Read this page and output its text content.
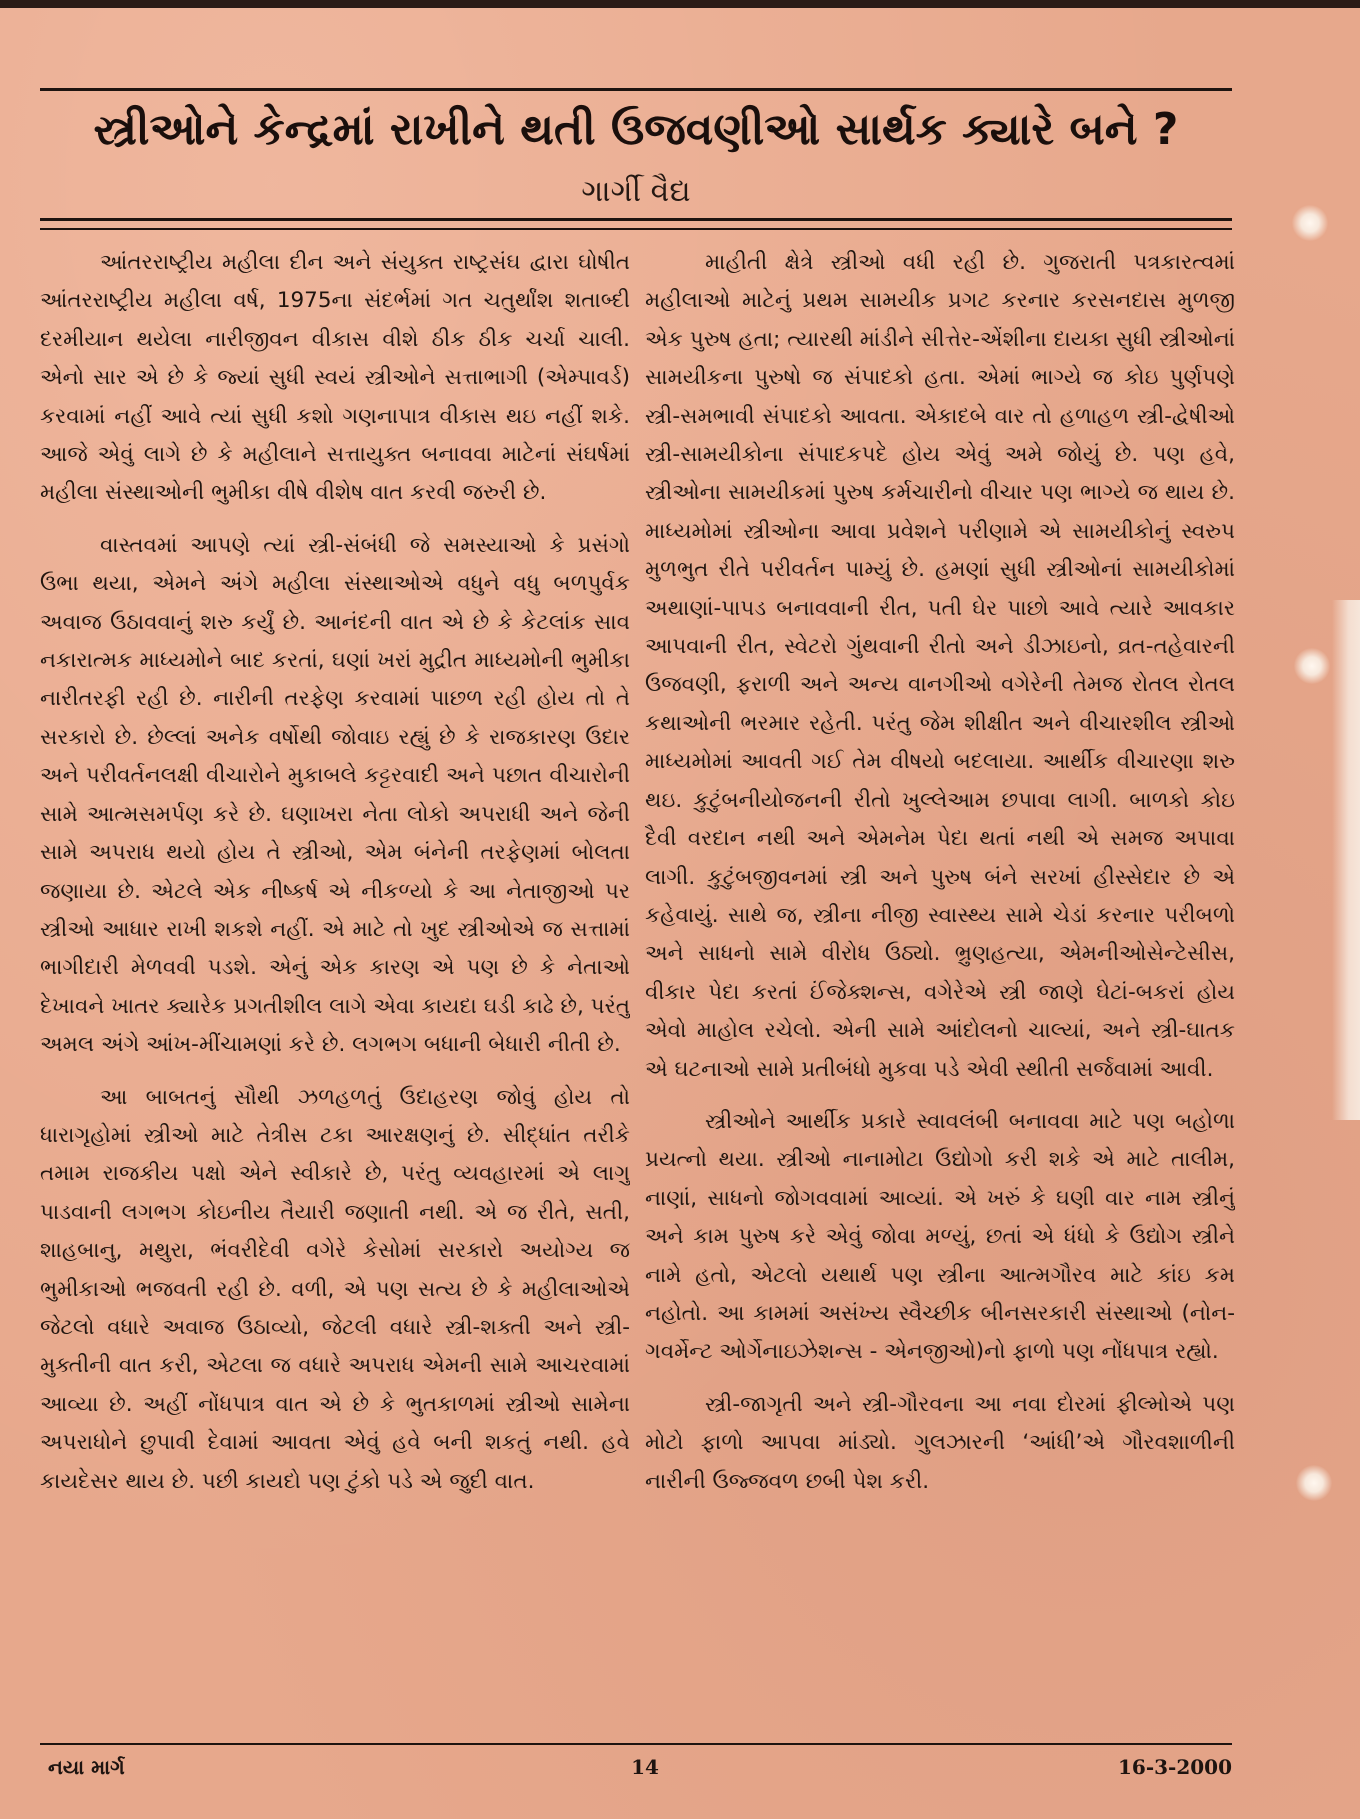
સ્ત્રીઓને કેન્દ્રમાં રાખીને થતી ઉજવણીઓ સાર્થક ક્યારે બને ?
ગાર્ગી વૈદ્ય

આંતરરાષ્ટ્રીય મહીલા દીન અને સંયુક્ત રાષ્ટ્રસંઘ દ્વારા ઘોષીત આંતરરાષ્ટ્રીય મહીલા વર્ષ, 1975ના સંદર્ભમાં ગત ચતુર્થાંશ શતાબ્દી દરમીયાન થયેલા નારીજીવન વીકાસ વીશે ઠીક ઠીક ચર્ચા ચાલી. એનો સાર એ છે કે જ્યાં સુધી સ્વયં સ્ત્રીઓને સત્તાભાગી (એમ્પાવર્ડ) કરવામાં નહીં આવે ત્યાં સુધી કશો ગણનાપાત્ર વીકાસ થઇ નહીં શકે. આજે એવું લાગે છે કે મહીલાને સત્તાયુક્ત બનાવવા માટેનાં સંઘર્ષમાં મહીલા સંસ્થાઓની ભુમીકા વીષે વીશેષ વાત કરવી જરુરી છે.

વાસ્તવમાં આપણે ત્યાં સ્ત્રી-સંબંધી જે સમસ્યાઓ કે પ્રસંગો ઉભા થયા, એમને અંગે મહીલા સંસ્થાઓએ વધુને વધુ બળપુર્વક અવાજ ઉઠાવવાનું શરુ કર્યું છે. આનંદની વાત એ છે કે કેટલાંક સાવ નકારાત્મક માધ્યમોને બાદ કરતાં, ઘણાં ખરાં મુદ્રીત માધ્યમોની ભુમીકા નારીતરફી રહી છે. નારીની તરફેણ કરવામાં પાછળ રહી હોય તો તે સરકારો છે. છેલ્લાં અનેક વર્ષોથી જોવાઇ રહ્યું છે કે રાજકારણ ઉદાર અને પરીવર્તનલક્ષી વીચારોને મુકાબલે કટ્ટરવાદી અને પછાત વીચારોની સામે આત્મસમર્પણ કરે છે. ઘણાખરા નેતા લોકો અપરાધી અને જેની સામે અપરાધ થયો હોય તે સ્ત્રીઓ, એમ બંનેની તરફેણમાં બોલતા જણાયા છે. એટલે એક નીષ્કર્ષ એ નીકળ્યો કે આ નેતાજીઓ પર સ્ત્રીઓ આધાર રાખી શકશે નહીં. એ માટે તો ખુદ સ્ત્રીઓએ જ સત્તામાં ભાગીદારી મેળવવી પડશે. એનું એક કારણ એ પણ છે કે નેતાઓ દેખાવને ખાતર ક્યારેક પ્રગતીશીલ લાગે એવા કાયદા ઘડી કાઢે છે, પરંતુ અમલ અંગે આંખ-મીંચામણાં કરે છે. લગભગ બધાની બેધારી નીતી છે.

આ બાબતનું સૌથી ઝળહળતું ઉદાહરણ જોવું હોય તો ધારાગૃહોમાં સ્ત્રીઓ માટે તેત્રીસ ટકા આરક્ષણનું છે. સીદ્ધાંત તરીકે તમામ રાજકીય પક્ષો એને સ્વીકારે છે, પરંતુ વ્યવહારમાં એ લાગુ પાડવાની લગભગ કોઇનીય તૈયારી જણાતી નથી. એ જ રીતે, સતી, શાહબાનુ, મથુરા, ભંવરીદેવી વગેરે કેસોમાં સરકારો અયોગ્ય જ ભુમીકાઓ ભજવતી રહી છે. વળી, એ પણ સત્ય છે કે મહીલાઓએ જેટલો વધારે અવાજ ઉઠાવ્યો, જેટલી વધારે સ્ત્રી-શક્તી અને સ્ત્રી-મુક્તીની વાત કરી, એટલા જ વધારે અપરાધ એમની સામે આચરવામાં આવ્યા છે. અહીં નોંધપાત્ર વાત એ છે કે ભુતકાળમાં સ્ત્રીઓ સામેના અપરાધોને છુપાવી દેવામાં આવતા એવું હવે બની શકતું નથી. હવે કાયદેસર થાય છે. પછી કાયદો પણ ટુંકો પડે એ જુદી વાત.

માહીતી ક્ષેત્રે સ્ત્રીઓ વધી રહી છે. ગુજરાતી પત્રકારત્વમાં મહીલાઓ માટેનું પ્રથમ સામયીક પ્રગટ કરનાર કરસનદાસ મુળજી એક પુરુષ હતા; ત્યારથી માંડીને સીત્તેર-એંશીના દાયકા સુધી સ્ત્રીઓનાં સામયીકના પુરુષો જ સંપાદકો હતા. એમાં ભાગ્યે જ કોઇ પુર્ણપણે સ્ત્રી-સમભાવી સંપાદકો આવતા. એકાદબે વાર તો હળાહળ સ્ત્રી-દ્વેષીઓ સ્ત્રી-સામયીકોના સંપાદકપદે હોય એવું અમે જોયું છે. પણ હવે, સ્ત્રીઓના સામયીકમાં પુરુષ કર્મચારીનો વીચાર પણ ભાગ્યે જ થાય છે. માધ્યમોમાં સ્ત્રીઓના આવા પ્રવેશને પરીણામે એ સામયીકોનું સ્વરુપ મુળભુત રીતે પરીવર્તન પામ્યું છે. હમણાં સુધી સ્ત્રીઓનાં સામયીકોમાં અથાણાં-પાપડ બનાવવાની રીત, પતી ઘેર પાછો આવે ત્યારે આવકાર આપવાની રીત, સ્વેટરો ગુંથવાની રીતો અને ડીઝાઇનો, વ્રત-તહેવારની ઉજવણી, ફરાળી અને અન્ય વાનગીઓ વગેરેની તેમજ રોતલ રોતલ કથાઓની ભરમાર રહેતી. પરંતુ જેમ શીક્ષીત અને વીચારશીલ સ્ત્રીઓ માધ્યમોમાં આવતી ગઈ તેમ વીષયો બદલાયા. આર્થીક વીચારણા શરુ થઇ. કુટુંબનીયોજનની રીતો ખુલ્લેઆમ છપાવા લાગી. બાળકો કોઇ દૈવી વરદાન નથી અને એમનેમ પેદા થતાં નથી એ સમજ અપાવા લાગી. કુટુંબજીવનમાં સ્ત્રી અને પુરુષ બંને સરખાં હીસ્સેદાર છે એ કહેવાયું. સાથે જ, સ્ત્રીના નીજી સ્વાસ્થ્ય સામે ચેડાં કરનાર પરીબળો અને સાધનો સામે વીરોધ ઉઠ્યો. ભ્રુણહત્યા, એમનીઓસેન્ટેસીસ, વીકાર પેદા કરતાં ઈંજેક્શન્સ, વગેરેએ સ્ત્રી જાણે ઘેટાં-બકરાં હોય એવો માહોલ રચેલો. એની સામે આંદોલનો ચાલ્યાં, અને સ્ત્રી-ઘાતક એ ઘટનાઓ સામે પ્રતીબંધો મુકવા પડે એવી સ્થીતી સર્જવામાં આવી.

સ્ત્રીઓને આર્થીક પ્રકારે સ્વાવલંબી બનાવવા માટે પણ બહોળા પ્રયત્નો થયા. સ્ત્રીઓ નાનામોટા ઉદ્યોગો કરી શકે એ માટે તાલીમ, નાણાં, સાધનો જોગવવામાં આવ્યાં. એ ખરું કે ઘણી વાર નામ સ્ત્રીનું અને કામ પુરુષ કરે એવું જોવા મળ્યું, છતાં એ ધંધો કે ઉદ્યોગ સ્ત્રીને નામે હતો, એટલો યથાર્થ પણ સ્ત્રીના આત્મગૌરવ માટે કાંઇ કમ નહોતો. આ કામમાં અસંખ્ય સ્વૈચ્છીક બીનસરકારી સંસ્થાઓ (નોન-ગવર્મેન્ટ ઓર્ગેનાઇઝેશન્સ - એનજીઓ)નો ફાળો પણ નોંધપાત્ર રહ્યો.

સ્ત્રી-જાગૃતી અને સ્ત્રી-ગૌરવના આ નવા દોરમાં ફીલ્મોએ પણ મોટો ફાળો આપવા માંડ્યો. ગુલઝારની ‘આંધી’એ ગૌરવશાળીની નારીની ઉજ્જવળ છબી પેશ કરી.

નયા માર્ગ	14	16-3-2000
